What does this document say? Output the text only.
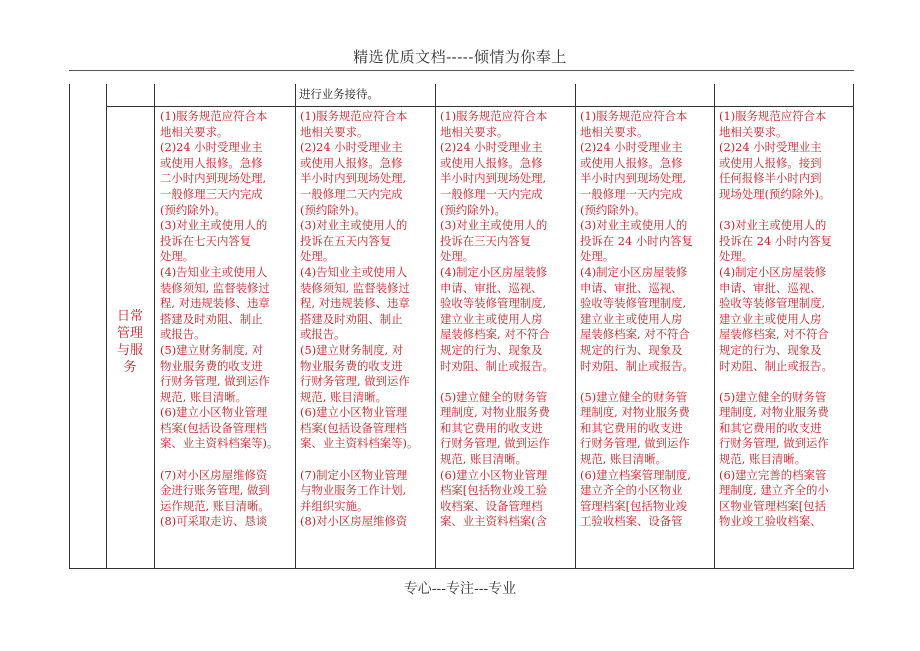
精选优质文档-----倾情为你奉上
进行业务接待。
日常
管理
与服
务
(1)服务规范应符合本
地相关要求。
(2)24 小时受理业主
或使用人报修。急修
二小时内到现场处理,
一般修理三天内完成
(预约除外)。
(3)对业主或使用人的
投诉在七天内答复
处理。
(4)告知业主或使用人
装修须知, 监督装修过
程, 对违规装修、违章
搭建及时劝阻、制止
或报告。
(5)建立财务制度, 对
物业服务费的收支进
行财务管理, 做到运作
规范, 账目清晰。
(6)建立小区物业管理
档案(包括设备管理档
案、业主资料档案等)。
(7)对小区房屋维修资
金进行账务管理, 做到
运作规范, 账目清晰。
(8)可采取走访、恳谈
(1)服务规范应符合本
地相关要求。
(2)24 小时受理业主
或使用人报修。急修
半小时内到现场处理,
一般修理二天内完成
(预约除外)。
(3)对业主或使用人的
投诉在五天内答复
处理。
(4)告知业主或使用人
装修须知, 监督装修过
程, 对违规装修、违章
搭建及时劝阻、制止
或报告。
(5)建立财务制度, 对
物业服务费的收支进
行财务管理, 做到运作
规范, 账目清晰。
(6)建立小区物业管理
档案(包括设备管理档
案、业主资料档案等)。
(7)制定小区物业管理
与物业服务工作计划,
并组织实施。
(8)对小区房屋维修资
(1)服务规范应符合本
地相关要求。
(2)24 小时受理业主
或使用人报修。急修
半小时内到现场处理,
一般修理一天内完成
(预约除外)。
(3)对业主或使用人的
投诉在三天内答复
处理。
(4)制定小区房屋装修
申请、审批、巡视、
验收等装修管理制度,
建立业主或使用人房
屋装修档案, 对不符合
规定的行为、现象及
时劝阻、制止或报告。
(5)建立健全的财务管
理制度, 对物业服务费
和其它费用的收支进
行财务管理, 做到运作
规范, 账目清晰。
(6)建立小区物业管理
档案[包括物业竣工验
收档案、设备管理档
案、业主资料档案(含
(1)服务规范应符合本
地相关要求。
(2)24 小时受理业主
或使用人报修。急修
半小时内到现场处理,
一般修理一天内完成
(预约除外)。
(3)对业主或使用人的
投诉在 24 小时内答复
处理。
(4)制定小区房屋装修
申请、审批、巡视、
验收等装修管理制度,
建立业主或使用人房
屋装修档案, 对不符合
规定的行为、现象及
时劝阻、制止或报告。
(5)建立健全的财务管
理制度, 对物业服务费
和其它费用的收支进
行财务管理, 做到运作
规范, 账目清晰。
(6)建立档案管理制度,
建立齐全的小区物业
管理档案[包括物业竣
工验收档案、设备管
(1)服务规范应符合本
地相关要求。
(2)24 小时受理业主
或使用人报修。接到
任何报修半小时内到
现场处理(预约除外)。
(3)对业主或使用人的
投诉在 24 小时内答复
处理。
(4)制定小区房屋装修
申请、审批、巡视、
验收等装修管理制度,
建立业主或使用人房
屋装修档案, 对不符合
规定的行为、现象及
时劝阻、制止或报告。
(5)建立健全的财务管
理制度, 对物业服务费
和其它费用的收支进
行财务管理, 做到运作
规范, 账目清晰。
(6)建立完善的档案管
理制度, 建立齐全的小
区物业管理档案[包括
物业竣工验收档案、
专心---专注---专业
